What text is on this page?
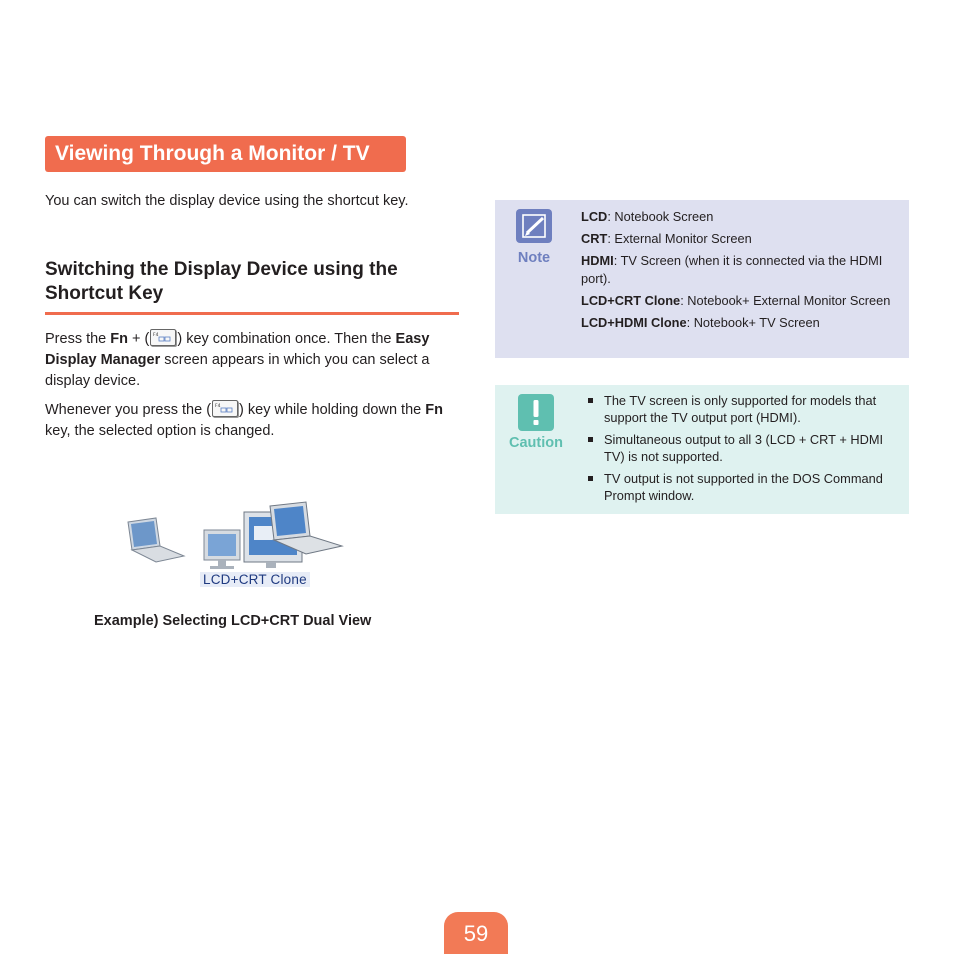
Viewing Through a Monitor / TV
You can switch the display device using the shortcut key.
Switching the Display Device using the Shortcut Key
Press the Fn + ( F4 ) key combination once. Then the Easy Display Manager screen appears in which you can select a display device.
Whenever you press the ( F4 ) key while holding down the Fn key, the selected option is changed.
LCD+CRT Clone
Example) Selecting LCD+CRT Dual View
Note
LCD: Notebook Screen
CRT: External Monitor Screen
HDMI: TV Screen (when it is connected via the HDMI port).
LCD+CRT Clone: Notebook+ External Monitor Screen
LCD+HDMI Clone: Notebook+ TV Screen
Caution
The TV screen is only supported for models that support the TV output port (HDMI).
Simultaneous output to all 3 (LCD + CRT + HDMI TV) is not supported.
TV output is not supported in the DOS Command Prompt window.
59
